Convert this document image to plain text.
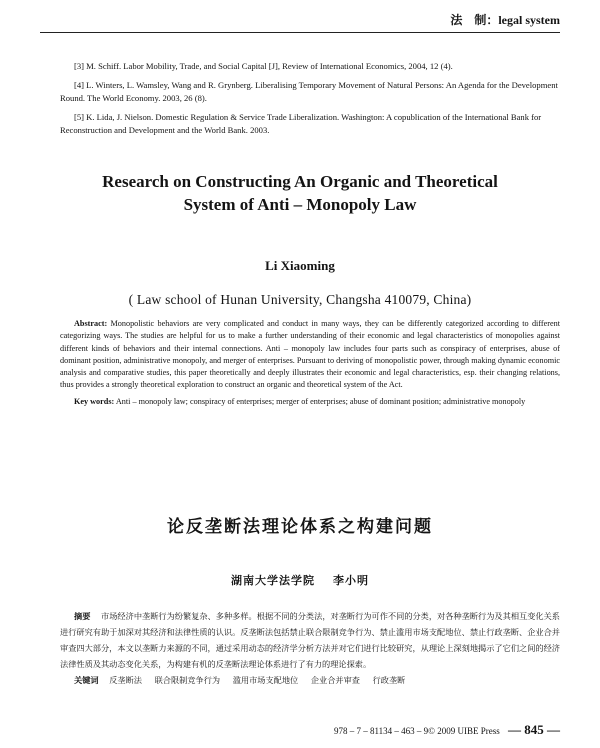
法　制：legal system

[3] M. Schiff. Labor Mobility, Trade, and Social Capital [J], Review of International Economics, 2004, 12 (4).

[4] L. Winters, L. Wamsley, Wang and R. Grynberg. Liberalising Temporary Movement of Natural Persons: An Agenda for the Development Round. The World Economy. 2003, 26 (8).

[5] K. Lida, J. Nielson. Domestic Regulation & Service Trade Liberalization. Washington: A copublication of the International Bank for Reconstruction and Development and the World Bank. 2003.

Research on Constructing An Organic and Theoretical
System of Anti – Monopoly Law
Li Xiaoming
( Law school of Hunan University, Changsha 410079, China)
Abstract: Monopolistic behaviors are very complicated and conduct in many ways, they can be differently categorized according to different categorizing ways. The studies are helpful for us to make a further understanding of their economic and legal characteristics of monopolies against different kinds of behaviors and their internal connections. Anti – monopoly law includes four parts such as conspiracy of enterprises, abuse of dominant position, administrative monopoly, and merger of enterprises. Pursuant to deriving of monopolistic power, through making dynamic economic analysis and comparative studies, this paper theoretically and deeply illustrates their economic and legal characteristics, esp. their changing relations, thus provides a strongly theoretical exploration to construct an organic and theoretical system of the Act.
Key words: Anti – monopoly law; conspiracy of enterprises; merger of enterprises; abuse of dominant position; administrative monopoly
论反垄断法理论体系之构建问题
湖南大学法学院 李小明
摘要 市场经济中垄断行为纷繁复杂、多种多样。根据不同的分类法，对垄断行为可作不同的分类，对各种垄断行为及其相互变化关系进行研究有助于加深对其经济和法律性质的认识。反垄断法包括禁止联合限制竞争行为、禁止滥用市场支配地位、禁止行政垄断、企业合并审查四大部分，本文以垄断力来源的不同，通过采用动态的经济学分析方法并对它们进行比较研究，从理论上深刻地揭示了它们之间的经济法律性质及其动态变化关系，为构建有机的反垄断法理论体系进行了有力的理论探索。
关键词 反垄断法 联合限制竞争行为 滥用市场支配地位 企业合并审查 行政垄断
978 – 7 – 81134 – 463 – 9© 2009 UIBE Press — 845 —
